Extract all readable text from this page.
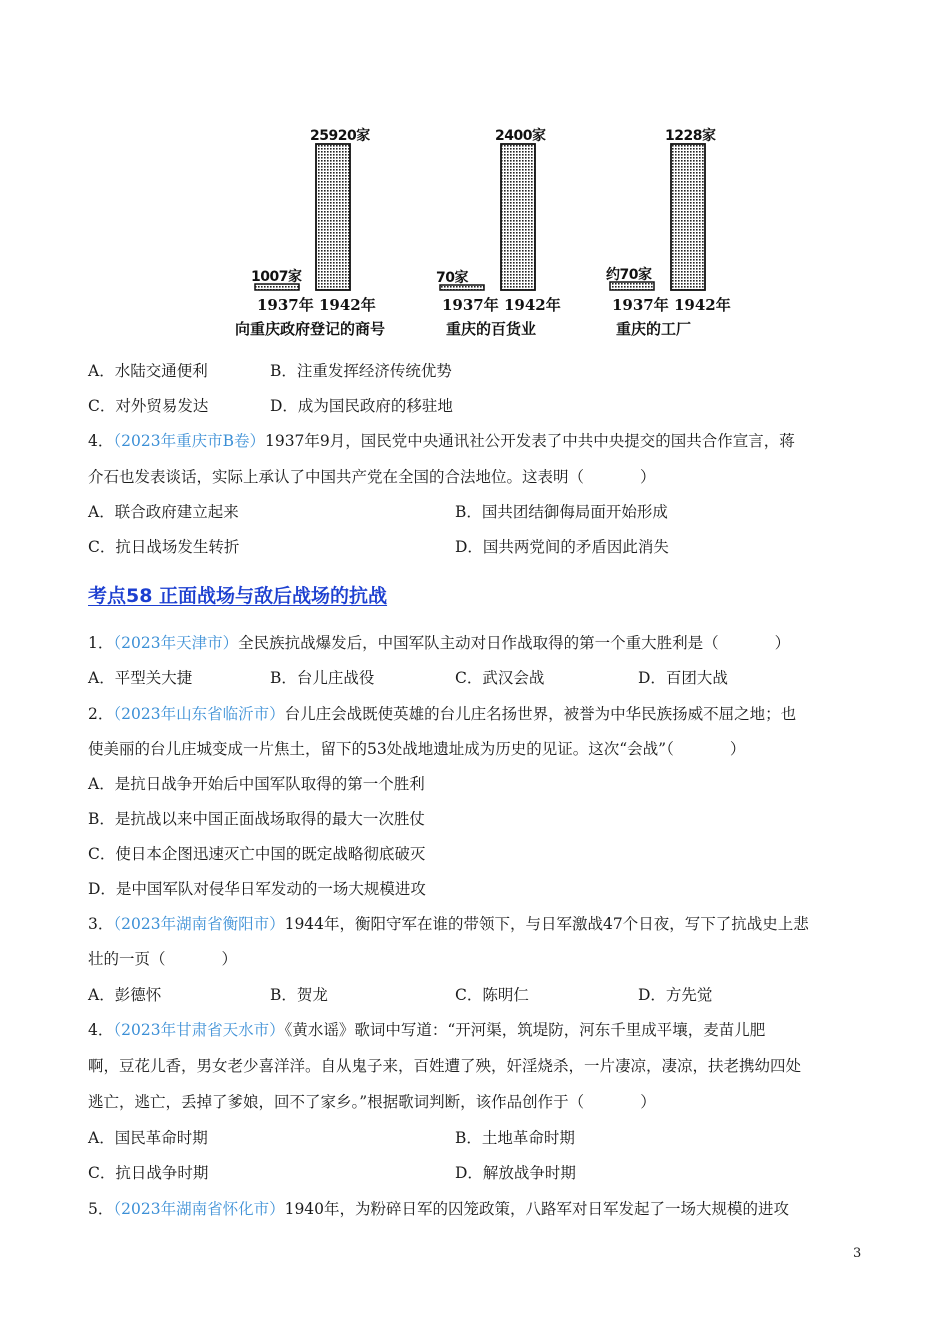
1007家
25920家
1937年 1942年
向重庆政府登记的商号
70家
2400家
1937年 1942年
重庆的百货业
约70家
1228家
1937年 1942年
重庆的工厂
A．水陆交通便利	B．注重发挥经济传统优势
C．对外贸易发达	D．成为国民政府的移驻地
4．（2023年重庆市B卷）1937年9月，国民党中央通讯社公开发表了中共中央提交的国共合作宣言，蒋
介石也发表谈话，实际上承认了中国共产党在全国的合法地位。这表明（	）
A．联合政府建立起来	B．国共团结御侮局面开始形成
C．抗日战场发生转折	D．国共两党间的矛盾因此消失
考点58 正面战场与敌后战场的抗战
1．（2023年天津市）全民族抗战爆发后，中国军队主动对日作战取得的第一个重大胜利是（	）
A．平型关大捷	B．台儿庄战役	C．武汉会战	D．百团大战
2．（2023年山东省临沂市）台儿庄会战既使英雄的台儿庄名扬世界，被誉为中华民族扬威不屈之地；也
使美丽的台儿庄城变成一片焦土，留下的53处战地遗址成为历史的见证。这次“会战”（	）
A．是抗日战争开始后中国军队取得的第一个胜利
B．是抗战以来中国正面战场取得的最大一次胜仗
C．使日本企图迅速灭亡中国的既定战略彻底破灭
D．是中国军队对侵华日军发动的一场大规模进攻
3．（2023年湖南省衡阳市）1944年，衡阳守军在谁的带领下，与日军激战47个日夜，写下了抗战史上悲
壮的一页（	）
A．彭德怀	B．贺龙	C．陈明仁	D．方先觉
4．（2023年甘肃省天水市）《黄水谣》歌词中写道：“开河渠，筑堤防，河东千里成平壤，麦苗儿肥
啊，豆花儿香，男女老少喜洋洋。自从鬼子来，百姓遭了殃，奸淫烧杀，一片凄凉，凄凉，扶老携幼四处
逃亡，逃亡，丢掉了爹娘，回不了家乡。”根据歌词判断，该作品创作于（	）
A．国民革命时期	B．土地革命时期
C．抗日战争时期	D．解放战争时期
5．（2023年湖南省怀化市）1940年，为粉碎日军的囚笼政策，八路军对日军发起了一场大规模的进攻
3
